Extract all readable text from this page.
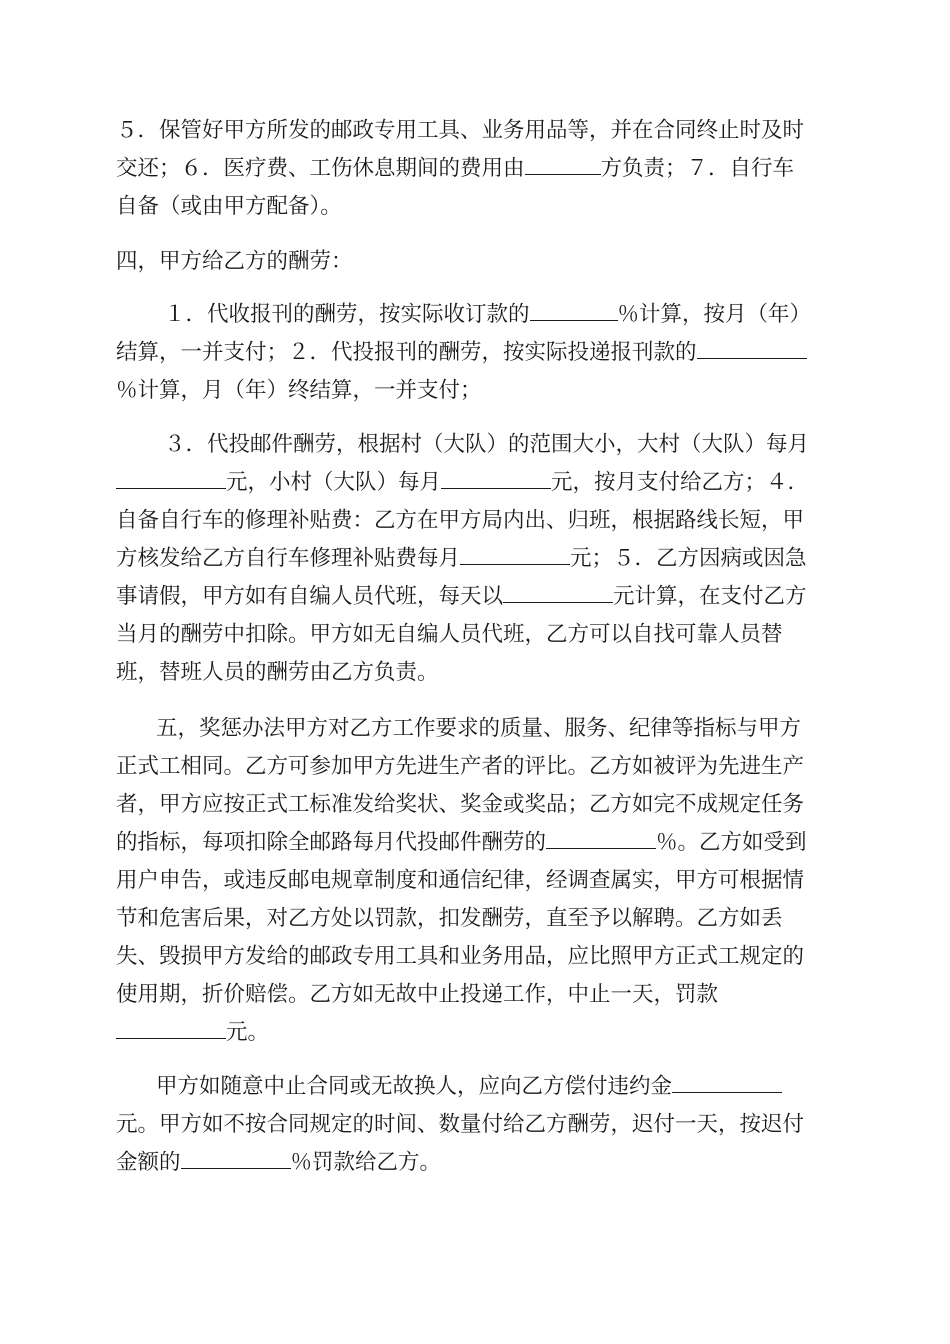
５．保管好甲方所发的邮政专用工具、业务用品等，并在合同终止时及时
交还；６．医疗费、工伤休息期间的费用由	方负责；７．自行车
自备（或由甲方配备）。
四，甲方给乙方的酬劳：
１．代收报刊的酬劳，按实际收订款的	％计算，按月（年）
结算，一并支付；２．代投报刊的酬劳，按实际投递报刊款的
％计算，月（年）终结算，一并支付；
３．代投邮件酬劳，根据村（大队）的范围大小，大村（大队）每月
元，小村（大队）每月	元，按月支付给乙方；４．
自备自行车的修理补贴费：乙方在甲方局内出、归班，根据路线长短，甲
方核发给乙方自行车修理补贴费每月	元；５．乙方因病或因急
事请假，甲方如有自编人员代班，每天以	元计算，在支付乙方
当月的酬劳中扣除。甲方如无自编人员代班，乙方可以自找可靠人员替
班，替班人员的酬劳由乙方负责。
五，奖惩办法甲方对乙方工作要求的质量、服务、纪律等指标与甲方
正式工相同。乙方可参加甲方先进生产者的评比。乙方如被评为先进生产
者，甲方应按正式工标准发给奖状、奖金或奖品；乙方如完不成规定任务
的指标，每项扣除全邮路每月代投邮件酬劳的	％。乙方如受到
用户申告，或违反邮电规章制度和通信纪律，经调查属实，甲方可根据情
节和危害后果，对乙方处以罚款，扣发酬劳，直至予以解聘。乙方如丢
失、毁损甲方发给的邮政专用工具和业务用品，应比照甲方正式工规定的
使用期，折价赔偿。乙方如无故中止投递工作，中止一天，罚款
元。
甲方如随意中止合同或无故换人，应向乙方偿付违约金
元。甲方如不按合同规定的时间、数量付给乙方酬劳，迟付一天，按迟付
金额的	％罚款给乙方。
